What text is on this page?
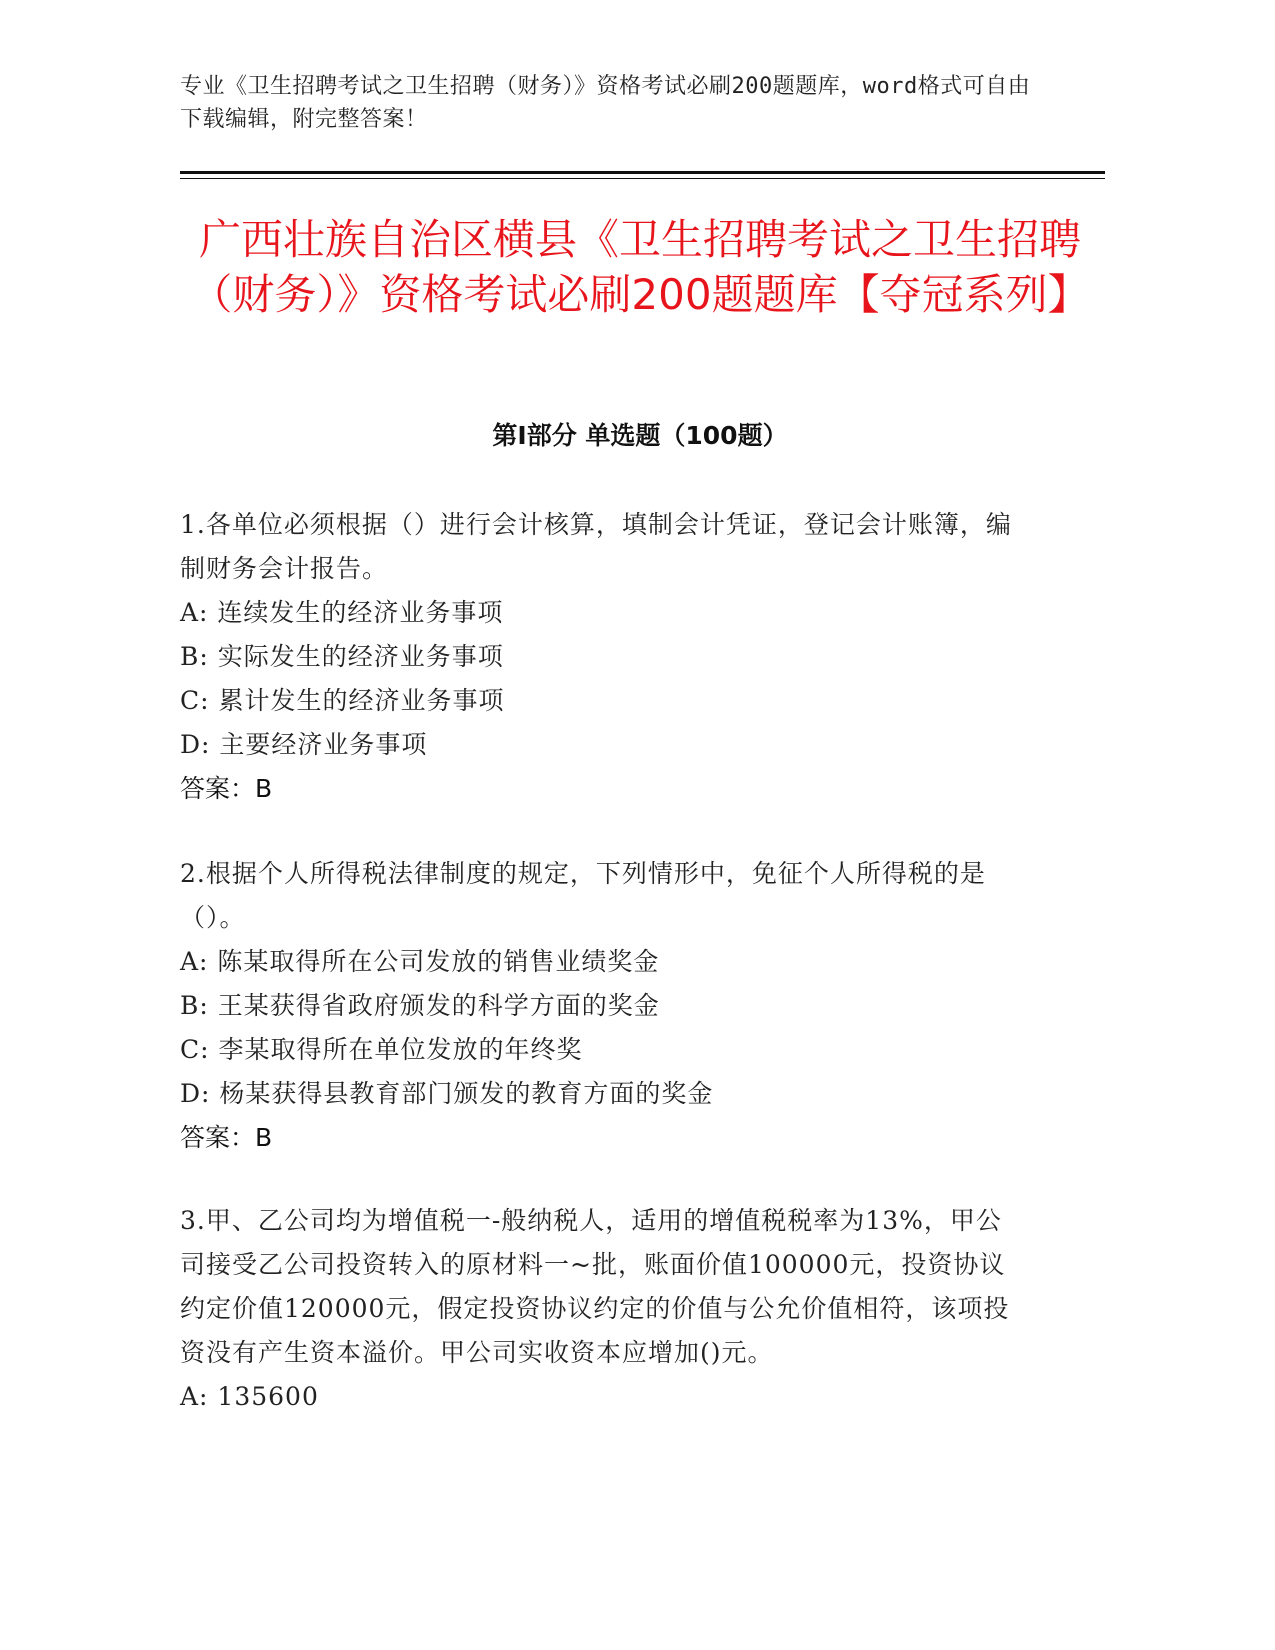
专业《卫生招聘考试之卫生招聘（财务）》资格考试必刷200题题库，word格式可自由下载编辑，附完整答案！
广西壮族自治区横县《卫生招聘考试之卫生招聘（财务）》资格考试必刷200题题库【夺冠系列】
第Ⅰ部分 单选题（100题）

1.各单位必须根据（）进行会计核算，填制会计凭证，登记会计账簿，编制财务会计报告。

A: 连续发生的经济业务事项

B: 实际发生的经济业务事项

C: 累计发生的经济业务事项

D: 主要经济业务事项

答案：B

2.根据个人所得税法律制度的规定，下列情形中，免征个人所得税的是（）。

A: 陈某取得所在公司发放的销售业绩奖金

B: 王某获得省政府颁发的科学方面的奖金

C: 李某取得所在单位发放的年终奖

D: 杨某获得县教育部门颁发的教育方面的奖金

答案：B

3.甲、乙公司均为增值税一-般纳税人，适用的增值税税率为13%，甲公司接受乙公司投资转入的原材料一~批，账面价值100000元，投资协议约定价值120000元，假定投资协议约定的价值与公允价值相符，该项投资没有产生资本溢价。甲公司实收资本应增加()元。

A: 135600
